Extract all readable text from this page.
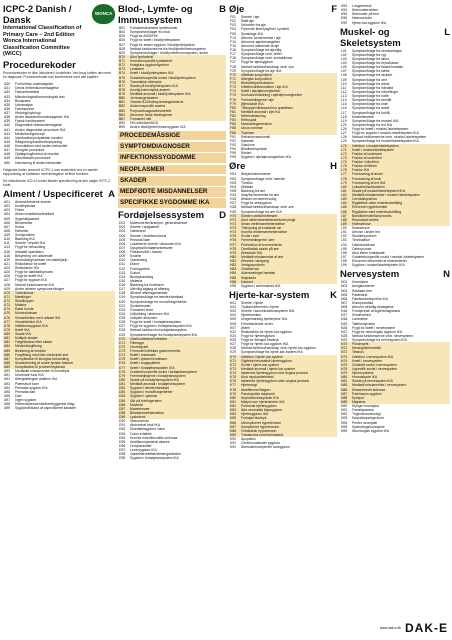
ICPC-2 Danish / Dansk
International Classification of
Primary Care – 2nd Edition
Wonca International
Classification Committee
(WICC)
WONCA
Procedurekoder
Procedurekoder er ikke inkluderet i kodelister. Ved brug kobles den med en diagnose. Procedurekoder kan kombineres med alle kapitler.
A30 Fuld klinisk undersøgelse
A31 Delvis helbredsundersøgelse
A32 Følsomhedstest
A33 Mikrobiologisk/immunologisk test
A34 Blodprøve
A35 Urinanalyse
A36 Fæcesprøve
A37 Histologi/cytologi
A38 Andre laboratorieundersøgelser IKA
A39 Fysisk funktionstest
A40 Diagnostisk billedundersøgelse
A41 Anden diagnostisk procedure IKA
A43 Medicinering/recept
A44 Vaccination/profylaktisk medicin
A45 Rådgivning/sundhedsoplysning
A46 Konsultation med anden behandler
A47 Kirurgisk procedure
A48 Opfølgning/kontrol af resultat
A49 Administrativ procedure
A50 Henvisning til anden behandler
Følgende koder anvendt i ICPC-1 kan anvendes ved en samlet rapportering af kontakter med deltagelse af flere forskere.
De inkluderede ICD-10 koder tillader specificering af den valgte ICPC-2 kode.
Alment / Uspecificeret A
A01 Almen/ubestemt smerte
A02 Kulderystelse
A03 Feber
A04 Almen svækkelse/træthed
A05 Syge/utilpashed
A06 Besvimelse
A07 Koma
A08 Hævelse
A09 Svedproblem
A10 Blødning IKA
A11 Smerte i brystet IKA
A13 Frygt for behandling
A16 Irritabelt spædbarn
A18 Bekymring om udseende
A20 Anmodning/samtale om dødshjælp
A21 Risikofaktor for kræft
A23 Risikofaktor IKA
A25 Frygt for død/dødsproces
A26 Frygt for kræft IKA
A27 Frygt for sygdom IKA
A28 Nedsat funktionsevne IKA
A29 Andre almene symptomer/klager
A70 Tuberkulose
A71 Mæslinger
A72 Skoldkopper
A73 Malaria
A74 Røde hunde
A75 Mononukleose
A76 Virusinfektion med udslæt IKA
A77 Virusinfektion IKA
A78 Infektionssygdom IKA
A79 Kræft IKA
A80 Skade IKA
A81 Multiple skader
A82 Følgetilstand efter skade
A84 Medicinforgiftning
A85 Bivirkning af medicin
A86 Forgiftning med ikke-medicinsk stof
A87 Komplikation til kirurgisk behandling
A88 Skadevirkning af andre fysiske faktorer
A89 Komplikation til protese/implantat
A90 Medfødte misdannelser IKA/multiple
A91 Unormale fund IKA
A92 Allergi/allergisk reaktion IKA
A93 Præmaturt barn
A94 Perinatal sygdom IKA
A95 Perinatal død
A96 Død
A97 Ingen sygdom
A98 Helbredsbevarende/forebyggende tiltag
A99 Sygdom/tilstand af uspecificeret karakter
Blod-, Lymfe- og Immunsystem
B
B02 Forstørrede/ømme lymfeknuder
B04 Symptomer/klager fra blod
B25 Frygt for AIDS/HIV
B26 Frygt for kræft i blod/lymfesystem
B27 Frygt for anden sygdom i blod/lymfesystem
B28 Nedsat funktionsevne fra blod/lymfe/immunsystem
B29 Symptomer/klager i blod/lymfe/immunsystem, andre
B70 Akut lymfadenit
B71 Kronisk/uspecifik lymfadenit
B72 Hodgkins sygdom/lymfom
B73 Leukæmi
B74 Kræft i blod/lymfesystem IKA
B75 Godartet/uspecifik svulst i blod/lymfesystem
B76 Traumatisk miltruptur
B77 Skade på blod/lymfesystem IKA
B78 Arvelig hæmolytisk anæmi
B79 Medfødt anomali i blod/lymfesystem IKA
B80 Jernmangelanæmi
B81 Vitamin B12/folinsyremangelanæmi
B82 Anden/uspecifik anæmi
B83 Purpura/koagulationsdefekt
B84 Abnorme hvide blodlegemer
B87 Forstørret milt
B90 HIV-infektion/AIDS
B99 Anden blod/lymfe/immunsygdom IKA
PROCEDEMÅSSIGE
SYMPTOMDIAGNOSER
INFEKTIONSSYGDOMME
NEOPLASMER
SKADER
MEDFØDTE MISDANNELSER
SPECIFIKKE SYGDOMME IKA
Fordøjelsessystem D
D01 Mavesmerter/kramper, generaliserede
D02 Smerte i epigastriet
D03 Halsbrand
D04 Smerte i endetarm/anus
D05 Perianal kløe
D06 Lokaliseret smerte i abdomen IKA
D07 Dyspepsi/fordøjelsesbesvær
D08 Flatulens/luft i maven
D09 Kvalme
D10 Opkastning
D11 Diarré
D12 Forstoppelse
D13 Gulsot
D14 Blodopkastning
D15 Melæna
D16 Blødning fra endetarm
D17 Ufrivillig afgang af afføring
D18 Ændret afføringsmønster
D19 Symptom/klage fra tænder/tandkød
D20 Symptom/klage fra mund/tunge/læber
D21 Synkebesvær
D23 Forstørret lever
D24 Udfyldning i abdomen IKA
D25 Udspilet abdomen
D26 Frygt for kræft i fordøjelsessystem
D27 Frygt for sygdom i fordøjelsessystem IKA
D28 Nedsat funktion fra fordøjelsessystem
D29 Symptomer/klager fra fordøjelsessystem IKA
D70 Gastrointestinal infektion
D71 Fåresyge
D72 Virushepatit
D73 Formodet infektiøs gastroenteritis
D74 Kræft i mavesæk
D75 Kræft i tyktarm/endetarm
D76 Kræft i bugspytkirtel
D77 Kræft i fordøjelsessystem IKA
D78 Godartet/uspecifik svulst i fordøjelsessystem
D79 Fremmedlegeme i fordøjelsessystem
D80 Skade på fordøjelsessystem IKA
D81 Medfødt anomali i fordøjelsessystem
D82 Sygdom i tænder/tandkød
D83 Sygdom i mund/tunge/læber
D84 Sygdom i spiserør
D85 Sår på tolvfingertarm
D86 Mavesår
D87 Mavebesvær
D88 Blindtarmsbetændelse
D89 Lyskebrok
D90 Hiatushernie
D91 Abdominal brok IKA
D92 Divertikelsygdom i tarm
D93 Colon irritabile
D94 Kronisk enteritis/colitis ulcerosa
D95 Analfissur/perianal absces
D96 Orm/parasitter
D97 Leversygdom IKA
D98 Galdeblærebetændelse/galdesten
D99 Sygdom i fordøjelsessystem IKA
Øje	F
F01 Smerte i øje
F02 Rødt øje
F03 Sekretion fra øje
F04 Flyvende fluer/lysglimt i synsfelt
F05 Synsklage IKA
F13 Abnorm fornemmelse i øje
F14 Abnorme øjenbevægelser
F15 Abnormt udseende af øje
F16 Symptom/klage fra øjenlåg
F17 Symptom/klage vedr. briller
F18 Symptom/klage vedr. kontaktlinser
F27 Frygt for øjensygdom
F28 Nedsat funktion/handicap vedr. syn
F29 Symptom/klage fra øje IKA
F70 Infektiøs konjunktivit
F71 Allergisk konjunktivit
F72 Blefarit/stye/chalazion
F73 Infektion/inflammation i øje IKA
F74 Kræft i øje/øjenomgivelser
F75 Kontusion/blødning i øjet/øjenomgivelser
F76 Fremmedlegeme i øje
F79 Øjenskade IKA
F80 Tilstoppet tårekanal hos spædbørn
F81 Medfødt anomali i øje IKA
F82 Nethindeløsning
F83 Retinopati
F84 Maculadegeneration
F85 Ulcus corneae
F86 Trachom
F91 Refraktionsanomali
F92 Katarakt
F93 Glaukom
F94 Blindhed/synstab
F95 Skelen
F99 Sygdom i øje/øjenomgivelser IKA
Øre	H
H01 Ørepine/øresmerter
H02 Symptom/klage vedr. hørelse
H03 Tinnitus
H04 Ørekløe
H05 Blødning fra øre
H13 Klap/fornemmelse for øre
H15 Ønsket om ørerensning
H27 Frygt for øresygdom
H28 Nedsat funktion/handicap vedr. øre
H29 Symptom/klage fra øre IKA
H70 Ekstern otitis/mellemøre
H71 Akut mellemørebetændelse/myringit
H72 Serøs mellemørebetændelse
H73 Tilstopning af eustakisk rør
H74 Kronisk mellemørebetændelse
H75 Svulst i øret
H76 Fremmedlegeme i øre
H77 Perforation af trommehinde
H78 Overfladisk skade på øre
H79 Øreskade IKA
H80 Medfødt misdannelse af øre
H81 Ørevoks i øregang
H82 Vertigosyndrom
H83 Otosklerose
H84 Aldersbetinget høretab
H85 Støjskade
H86 Døvhed
H99 Sygdom i øre/mastoid IKA
Hjerte-kar-system K
K01 Smerte i hjerte
K02 Trykken/klemmen i hjerte
K03 Smerte i kar/cirkulationssystem IKA
K04 Hjertebanken
K05 Uregelmæssig hjerterytme IKA
K06 Fremtrædende vener
K07 Ødem
K22 Risikofaktor for hjerte-kar-sygdom
K24 Frygt for hjertesygdom
K25 Frygt for forhøjet blodtryk
K27 Frygt for hjerte-kar-sygdom IKA
K28 Nedsat funktion/handicap vedr. hjerte-kar-sygdom
K29 Symptom/klage fra hjerte-kar-system IKA
K70 Infektion i hjerte-kar-system
K71 Gigtfeber/reumatisk hjertesygdom
K72 Svulst i hjerte-kar-system
K73 Medfødt anomali i hjerte-kar-system
K74 Iskæmisk hjertesygdom med angina pectoris
K75 Akut myokardieinfarkt
K76 Iskæmisk hjertesygdom uden angina pectoris
K77 Hjertesvigt
K78 Atrieflimmer/flagren
K79 Paroksystisk takykardi
K80 Arytmi/ekstrasystoler IKA
K81 Mislyd over hjerte/arterie IKA
K82 Pulmonal hjertesygdom
K83 Ikke-reumatisk klapsygdom
K84 Hjertesygdom IKA
K85 Forhøjet blodtryk
K86 Ukompliceret hypertension
K87 Kompliceret hypertension
K88 Ortostatisk hypotension
K89 Transitorisk cerebral iskæmi
K90 Apopleksi
K91 Cerebrovaskulær sygdom
K92 Aterosklerose/perifer karsygdom
K93 Lungeemboli
K94 Åreknudetromber
K95 Åreknuder på ben
K96 Hæmorroider
K99 Hjerte-kar-sygdom IKA
Muskel- og Skeletsystem
L
L01 Symptom/klage fra cervikalregion
L02 Symptom/klage fra ryg
L03 Symptom/klage fra lænd
L04 Symptom/klage fra bryst/kasse
L05 Symptom/klage fra flanke/lumbale
L07 Symptom/klage fra kæbe
L08 Symptom/klage fra skulder
L09 Symptom/klage fra arm
L10 Symptom/klage fra albue
L11 Symptom/klage fra håndled
L12 Symptom/klage fra hånd/finger
L13 Symptom/klage fra hofte
L14 Symptom/klage fra ben/lår
L15 Symptom/klage fra knæ
L16 Symptom/klage fra ankel
L17 Symptom/klage fra fod/tå
L18 Muskelsmerter
L19 Symptom/klage fra muskel IKA
L20 Symptom/klage fra led IKA
L26 Frygt for kræft i muskel-/skeletsystem
L27 Frygt for sygdom i muskel-/skeletsystem IKA
L28 Nedsat funktionsevne vedr. muskel-/skeletsystem
L29 Symptom/klage fra muskel/skeletsystem IKA
L70 Infektion i muskel/skeletsystem
L71 Kræft i muskel/skeletsystem
L72 Fraktur af underarm
L73 Fraktur af underben
L74 Fraktur i hånd/fod
L75 Fraktur af lårben
L76 Fraktur IKA
L77 Forstuvning af ankel
L78 Forstuvning af knæ
L79 Forstuvning af led IKA
L80 Luksation/subluxation
L81 Skade på muskel/skeletsystem IKA
L82 Medfødt misdannelse i muskel-/skeletsystem
L83 Cervikalsyndrom
L84 Ryglidelse uden smerteudstråling
L85 Erhvervet rygdeformitet
L86 Ryglidelse med smerteudstråling
L87 Bursitis/tendinitis/synovitis
L88 Reumatoid artritis
L89 Hofteartrose
L90 Knæartrose
L91 Artrose i andre led
L92 Skuldersyndrom
L93 Tennisalbue
L94 Osteokondrose
L95 Osteoporose
L96 Akut intern knæskade
L97 Godartet/uspecifik svulst i muskel-/skeletsystem
L98 Erhvervet deformitet af ekstremiteter
L99 Sygdom i muskel/skeletsystem IKA
Nervesystem	N
N01 Hovedpine
N03 Ansigtssmerter
N04 Rastløse ben
N05 Paræstesi
N06 Følelsesforstyrrelse IKA
N07 Krampeanfald
N08 Abnorm ufrivillig bevægelse
N16 Forstyrrelse af lugte/smagssans
N17 Svimmelhed
N18 Lammelse
N19 Taleforstyrrelse
N26 Frygt for kræft i nervesystem
N27 Frygt for neurologisk sygdom IKA
N28 Nedsat funktionsevne vedr. nervesystem
N29 Symptom/klage fra nervesystem IKA
N70 Poliomyelit
N71 Meningitis/encefalit
N72 Tetanus
N73 Infektion i nervesystem IKA
N74 Kræft i nervesystem
N75 Godartet svulst i nervesystem
N76 Uspecifik svulst i nervesystem
N79 Hjernerystelse
N80 Hovedskade IKA
N81 Skade på nervesystem IKA
N85 Medfødt misdannelse i nervesystem
N86 Dissemineret sklerose
N87 Parkinsons sygdom
N88 Epilepsi
N89 Migræne
N90 Klynge-hovedpine
N91 Facialisparese
N92 Trigeminusneuralgi
N93 Karpaltunnelsyndrom
N94 Perifer neuropati
N95 Spændingshovedpine
N99 Neurologisk sygdom IKA
www.dak-e.dk DAK-E
